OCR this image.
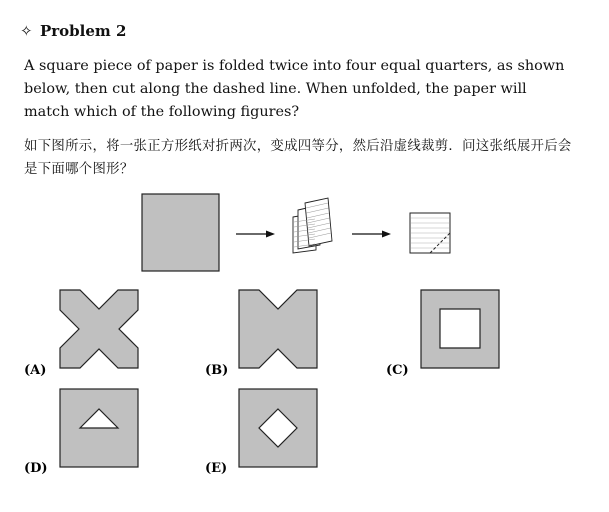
✧ Problem 2
A square piece of paper is folded twice into four equal quarters, as shown below, then cut along the dashed line. When unfolded, the paper will match which of the following figures?
如下图所示，将一张正方形纸对折两次，变成四等分，然后沿虚线裁剪．问这张纸展开后会是下面哪个图形？
(A)	(B)	(C)
(D)	(E)
